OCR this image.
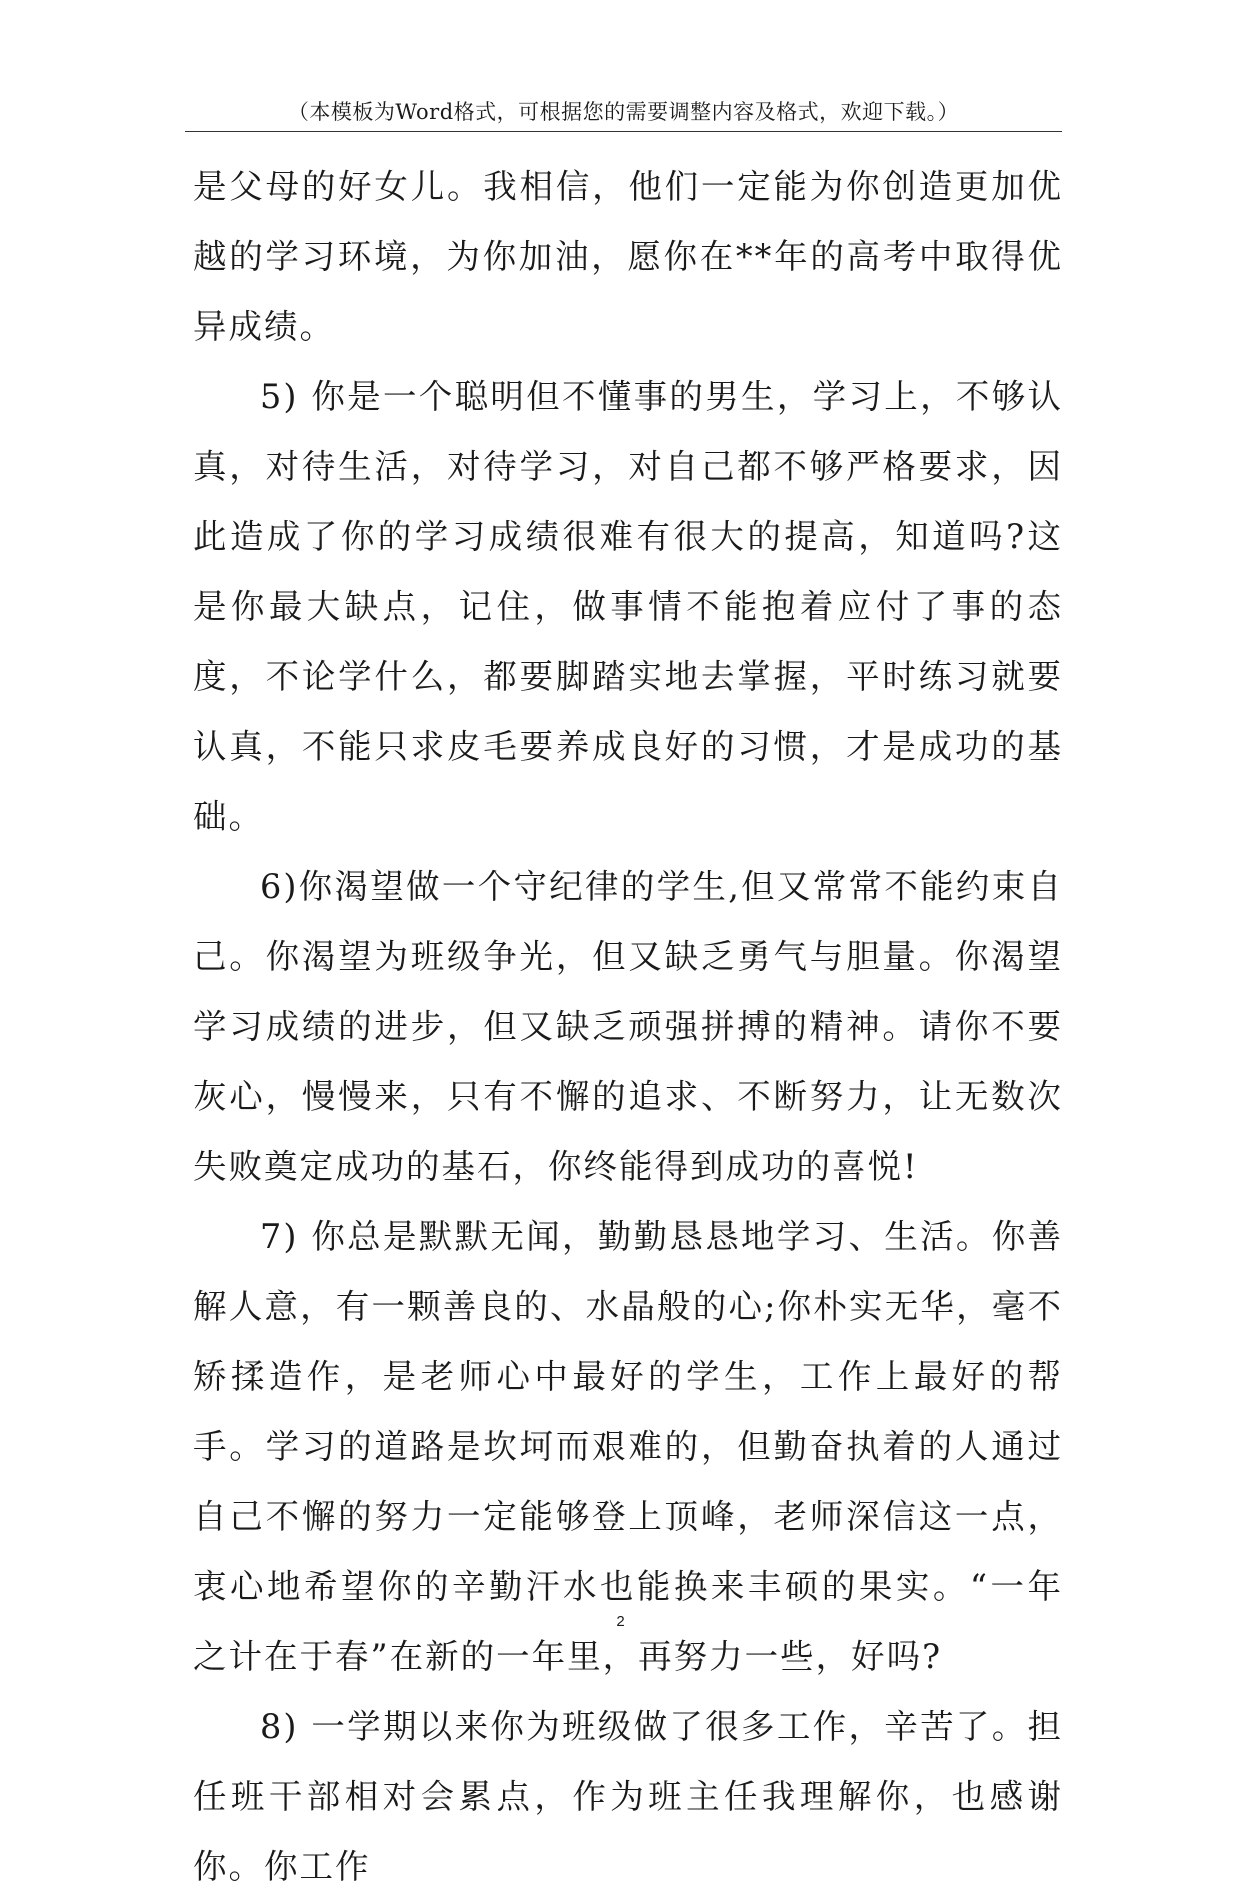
（本模板为Word格式，可根据您的需要调整内容及格式，欢迎下载。）

是父母的好女儿。我相信，他们一定能为你创造更加优越的学习环境，为你加油，愿你在**年的高考中取得优异成绩。

5) 你是一个聪明但不懂事的男生，学习上，不够认真，对待生活，对待学习，对自己都不够严格要求，因此造成了你的学习成绩很难有很大的提高，知道吗?这是你最大缺点，记住，做事情不能抱着应付了事的态度，不论学什么，都要脚踏实地去掌握，平时练习就要认真，不能只求皮毛要养成良好的习惯，才是成功的基础。

6)你渴望做一个守纪律的学生,但又常常不能约束自己。你渴望为班级争光，但又缺乏勇气与胆量。你渴望学习成绩的进步，但又缺乏顽强拼搏的精神。请你不要灰心，慢慢来，只有不懈的追求、不断努力，让无数次失败奠定成功的基石，你终能得到成功的喜悦!

7) 你总是默默无闻，勤勤恳恳地学习、生活。你善解人意，有一颗善良的、水晶般的心;你朴实无华，毫不矫揉造作，是老师心中最好的学生，工作上最好的帮手。学习的道路是坎坷而艰难的，但勤奋执着的人通过自己不懈的努力一定能够登上顶峰，老师深信这一点，衷心地希望你的辛勤汗水也能换来丰硕的果实。“一年之计在于春”在新的一年里，再努力一些，好吗?

8) 一学期以来你为班级做了很多工作，辛苦了。担任班干部相对会累点，作为班主任我理解你，也感谢你。你工作

2
